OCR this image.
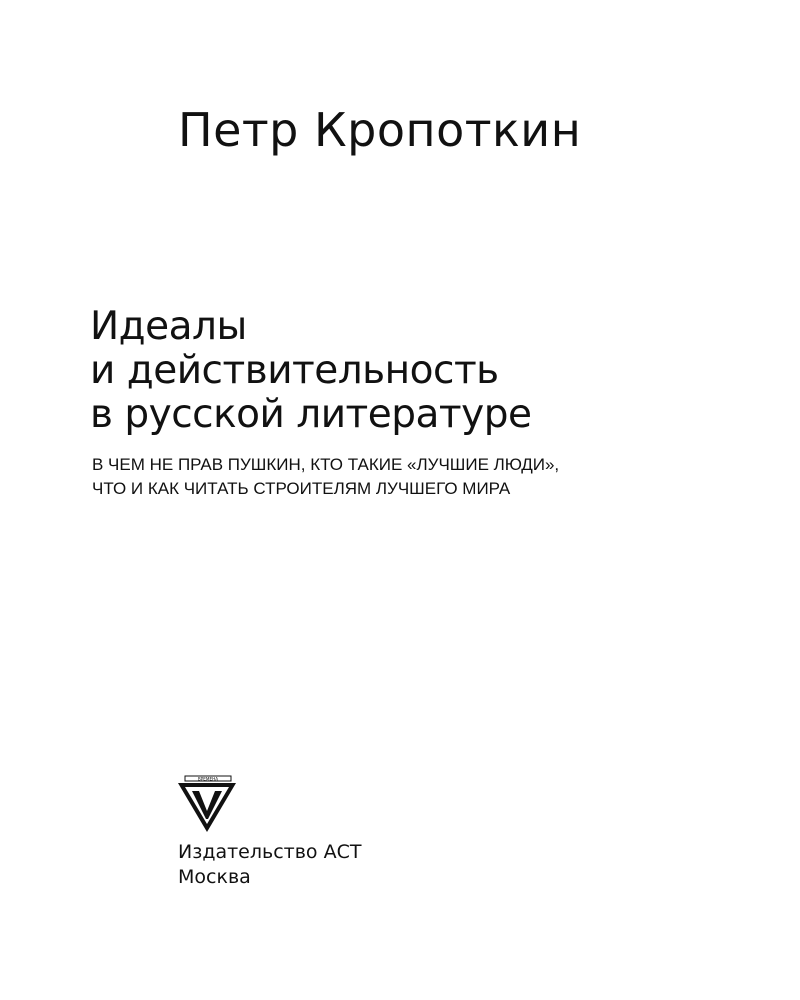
Петр Кропоткин
Идеалы
и действительность
в русской литературе
В ЧЕМ НЕ ПРАВ ПУШКИН, КТО ТАКИЕ «ЛУЧШИЕ ЛЮДИ»,
ЧТО И КАК ЧИТАТЬ СТРОИТЕЛЯМ ЛУЧШЕГО МИРА
ВРЕМЕНА
Издательство АСТ
Москва
